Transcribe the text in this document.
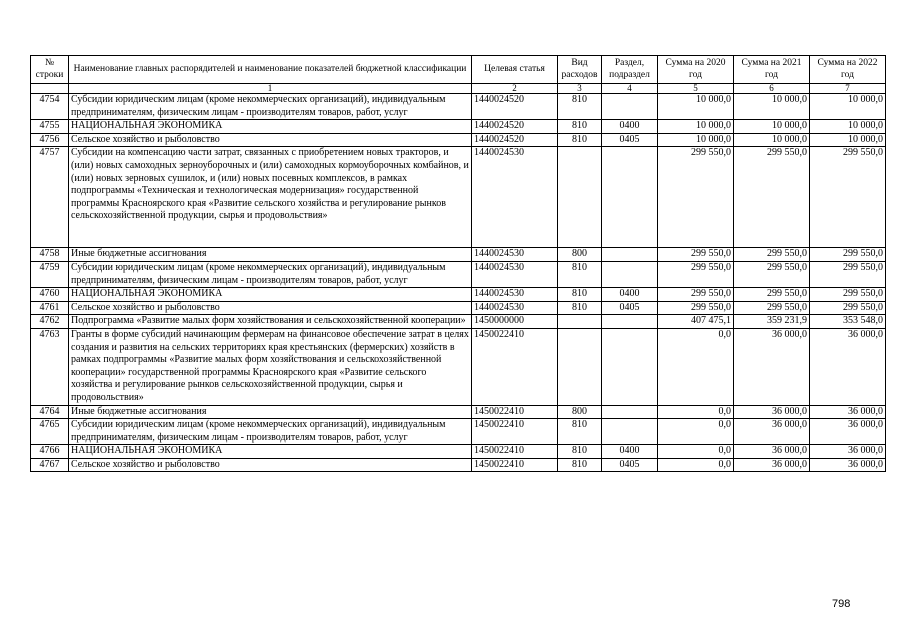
№ строки	Наименование главных распорядителей и наименование показателей бюджетной классификации	Целевая статья	Вид расходов	Раздел, подраздел	Сумма на 2020 год	Сумма на 2021 год	Сумма на 2022 год
	1	2	3	4	5	6	7
4754	Субсидии юридическим лицам (кроме некоммерческих организаций), индивидуальным предпринимателям, физическим лицам - производителям товаров, работ, услуг	1440024520	810		10 000,0	10 000,0	10 000,0
4755	НАЦИОНАЛЬНАЯ ЭКОНОМИКА	1440024520	810	0400	10 000,0	10 000,0	10 000,0
4756	Сельское хозяйство и рыболовство	1440024520	810	0405	10 000,0	10 000,0	10 000,0
4757	Субсидии на компенсацию части затрат, связанных с приобретением новых тракторов, и (или) новых самоходных зерноуборочных и (или) самоходных кормоуборочных комбайнов, и (или) новых зерновых сушилок, и (или) новых посевных комплексов, в рамках подпрограммы «Техническая и технологическая модернизация» государственной программы Красноярского края «Развитие сельского хозяйства и регулирование рынков сельскохозяйственной продукции, сырья и продовольствия»	1440024530			299 550,0	299 550,0	299 550,0
4758	Иные бюджетные ассигнования	1440024530	800		299 550,0	299 550,0	299 550,0
4759	Субсидии юридическим лицам (кроме некоммерческих организаций), индивидуальным предпринимателям, физическим лицам - производителям товаров, работ, услуг	1440024530	810		299 550,0	299 550,0	299 550,0
4760	НАЦИОНАЛЬНАЯ ЭКОНОМИКА	1440024530	810	0400	299 550,0	299 550,0	299 550,0
4761	Сельское хозяйство и рыболовство	1440024530	810	0405	299 550,0	299 550,0	299 550,0
4762	Подпрограмма «Развитие малых форм хозяйствования и сельскохозяйственной кооперации»	1450000000			407 475,1	359 231,9	353 548,0
4763	Гранты в форме субсидий начинающим фермерам на финансовое обеспечение затрат в целях создания и развития на сельских территориях края крестьянских (фермерских) хозяйств в рамках подпрограммы «Развитие малых форм хозяйствования и сельскохозяйственной кооперации» государственной программы Красноярского края «Развитие сельского хозяйства и регулирование рынков сельскохозяйственной продукции, сырья и продовольствия»	1450022410			0,0	36 000,0	36 000,0
4764	Иные бюджетные ассигнования	1450022410	800		0,0	36 000,0	36 000,0
4765	Субсидии юридическим лицам (кроме некоммерческих организаций), индивидуальным предпринимателям, физическим лицам - производителям товаров, работ, услуг	1450022410	810		0,0	36 000,0	36 000,0
4766	НАЦИОНАЛЬНАЯ ЭКОНОМИКА	1450022410	810	0400	0,0	36 000,0	36 000,0
4767	Сельское хозяйство и рыболовство	1450022410	810	0405	0,0	36 000,0	36 000,0
798
